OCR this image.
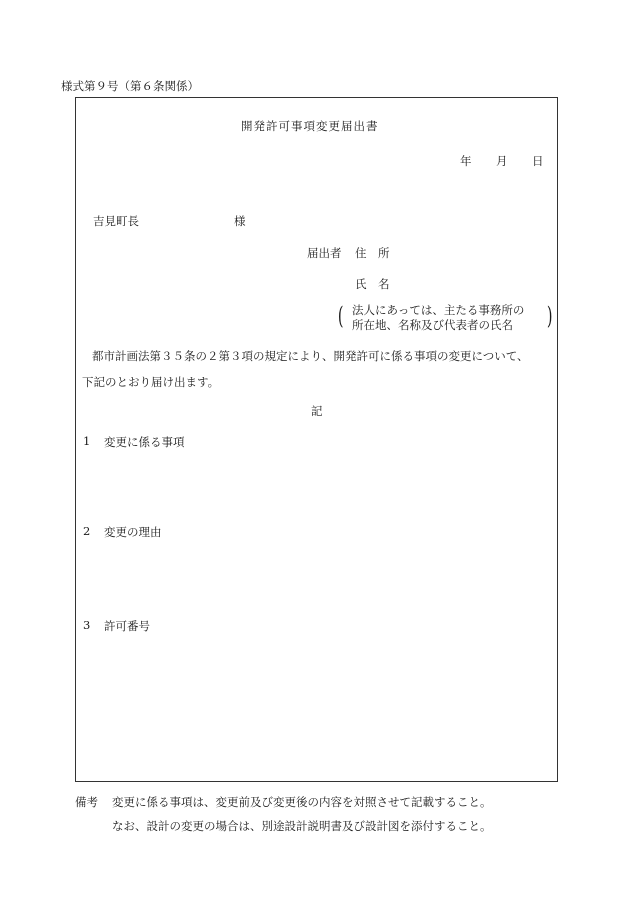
様式第９号（第６条関係）
開発許可事項変更届出書
年 月 日
吉見町長	様
届出者 住　所
氏　名
( 法人にあっては、主たる事務所の
所在地、名称及び代表者の氏名	)
都市計画法第３５条の２第３項の規定により、開発許可に係る事項の変更について、
下記のとおり届け出ます。
記
1 変更に係る事項
2 変更の理由
3 許可番号
備考 変更に係る事項は、変更前及び変更後の内容を対照させて記載すること。
なお、設計の変更の場合は、別途設計説明書及び設計図を添付すること。
